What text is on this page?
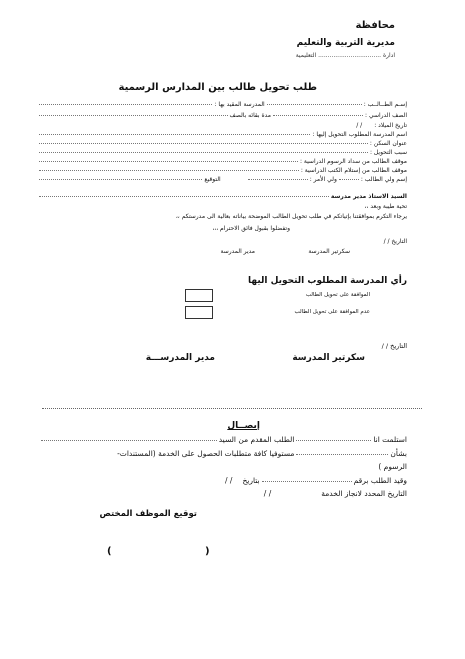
محافظة
مديرية التربية والتعليم
ادارة ................................. التعليمية
طلب تحويل طالب بين المدارس الرسمية
إسـم الطــالــب :
المدرسة المقيد بها :
الصف الدراسي :
مدة بقائه بالصف
تاريخ الميلاد :
/ /
اسم المدرسة المطلوب التحويل إليها :
عنوان السكن :
سبب التحويل :
موقف الطالب من سداد الرسوم الدراسية :
موقف الطالب من إستلام الكتب الدراسية :
إسم ولي الطالب :
ولي الأمر :
التوقيع
السيد الاستاذ مدير مدرسة
تحية طيبة وبعد ،،
يرجاء التكرم بموافقتنا بإتياتكم في طلب تحويل الطالب الموضحة بياناته بعالية الى مدرستكم ،،
وتفضلوا بقبول فائق الاحترام ،،،
التاريخ / /
سكرتير المدرسة
مدير المدرسة
رأي المدرسة المطلوب التحويل اليها
الموافقة على تحويل الطالب
عدم الموافقة على تحويل الطالب
التاريخ / /
سكرتير المدرسة
مدير المدرســـة
إيصــال
استلمت انا
الطلب المقدم من السيد
بشأن
مستوفيا كافة متطلبات الحصول على الخدمة (المستندات-
الرسوم )
وقيد الطلب برقم
بتاريخ
/ /
التاريخ المحدد لانجاز الخدمة
/ /
توقيع الموظف المختص
(
)
